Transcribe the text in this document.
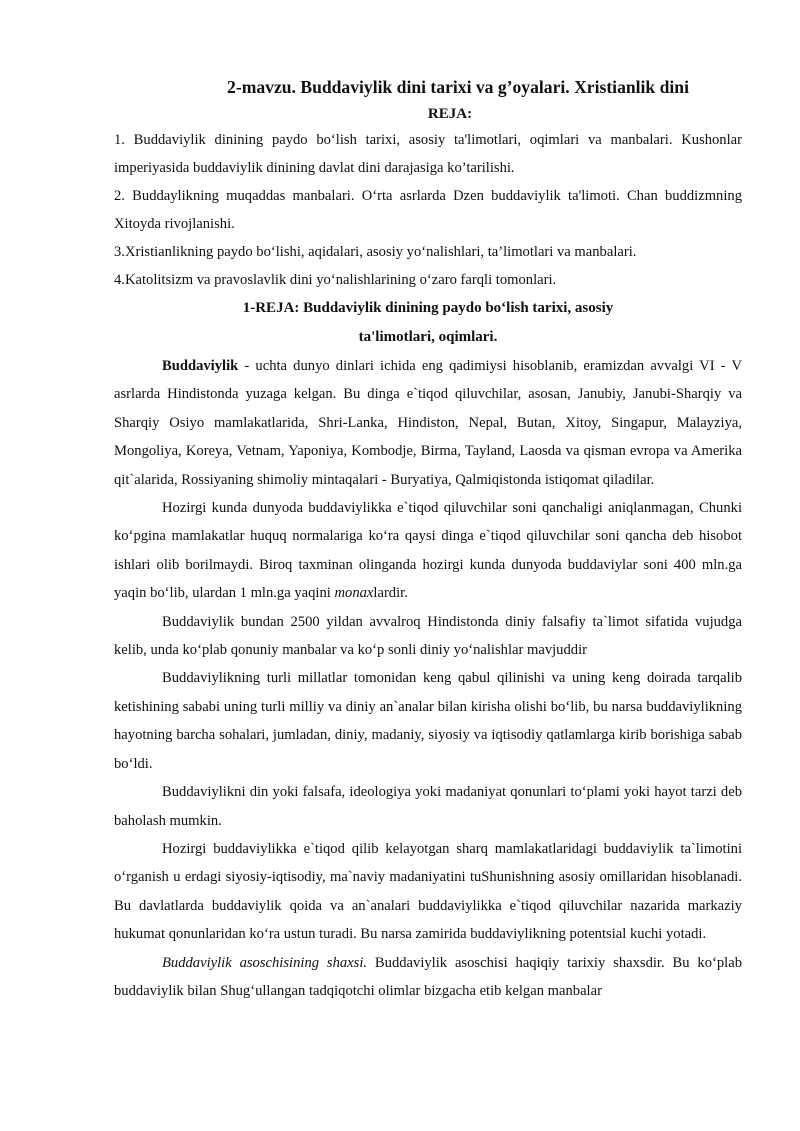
2-mavzu. Buddaviylik dini tarixi va g’oyalari. Xristianlik dini

REJA:

1. Buddaviylik dinining paydo bo‘lish tarixi, asosiy ta'limotlari, oqimlari va manbalari. Kushonlar imperiyasida buddaviylik dinining davlat dini darajasiga ko’tarilishi.

2. Buddaylikning muqaddas manbalari. O‘rta asrlarda Dzen buddaviylik ta'limoti. Chan buddizmning Xitoyda rivojlanishi.

3.Xristianlikning paydo bo‘lishi, aqidalari, asosiy yo‘nalishlari, ta’limotlari va manbalari.

4.Katolitsizm va pravoslavlik dini yo‘nalishlarining o‘zaro farqli tomonlari.

1-REJA: Buddaviylik dinining paydo bo‘lish tarixi, asosiy

ta'limotlari, oqimlari.

Buddaviylik - uchta dunyo dinlari ichida eng qadimiysi hisoblanib, eramizdan avvalgi VI - V asrlarda Hindistonda yuzaga kelgan. Bu dinga e`tiqod qiluvchilar, asosan, Janubiy, Janubi-Sharqiy va Sharqiy Osiyo mamlakatlarida, Shri-Lanka, Hindiston, Nepal, Butan, Xitoy, Singapur, Malayziya, Mongoliya, Koreya, Vetnam, Yaponiya, Kombodje, Birma, Tayland, Laosda va qisman evropa va Amerika qit`alarida, Rossiyaning shimoliy mintaqalari - Buryatiya, Qalmiqistonda istiqomat qiladilar.

Hozirgi kunda dunyoda buddaviylikka e`tiqod qiluvchilar soni qanchaligi aniqlanmagan, Chunki ko‘pgina mamlakatlar huquq normalariga ko‘ra qaysi dinga e`tiqod qiluvchilar soni qancha deb hisobot ishlari olib borilmaydi. Biroq taxminan olinganda hozirgi kunda dunyoda buddaviylar soni 400 mln.ga yaqin bo‘lib, ulardan 1 mln.ga yaqini monaxlardir.

Buddaviylik bundan 2500 yildan avvalroq Hindistonda diniy falsafiy ta`limot sifatida vujudga kelib, unda ko‘plab qonuniy manbalar va ko‘p sonli diniy yo‘nalishlar mavjuddir

Buddaviylikning turli millatlar tomonidan keng qabul qilinishi va uning keng doirada tarqalib ketishining sababi uning turli milliy va diniy an`analar bilan kirisha olishi bo‘lib, bu narsa buddaviylikning hayotning barcha sohalari, jumladan, diniy, madaniy, siyosiy va iqtisodiy qatlamlarga kirib borishiga sabab bo‘ldi.

Buddaviylikni din yoki falsafa, ideologiya yoki madaniyat qonunlari to‘plami yoki hayot tarzi deb baholash mumkin.

Hozirgi buddaviylikka e`tiqod qilib kelayotgan sharq mamlakatlaridagi buddaviylik ta`limotini o‘rganish u erdagi siyosiy-iqtisodiy, ma`naviy madaniyatini tuShunishning asosiy omillaridan hisoblanadi. Bu davlatlarda buddaviylik qoida va an`analari buddaviylikka e`tiqod qiluvchilar nazarida markaziy hukumat qonunlaridan ko‘ra ustun turadi. Bu narsa zamirida buddaviylikning potentsial kuchi yotadi.

Buddaviylik asoschisining shaxsi. Buddaviylik asoschisi haqiqiy tarixiy shaxsdir. Bu ko‘plab buddaviylik bilan Shug‘ullangan tadqiqotchi olimlar bizgacha etib kelgan manbalar
